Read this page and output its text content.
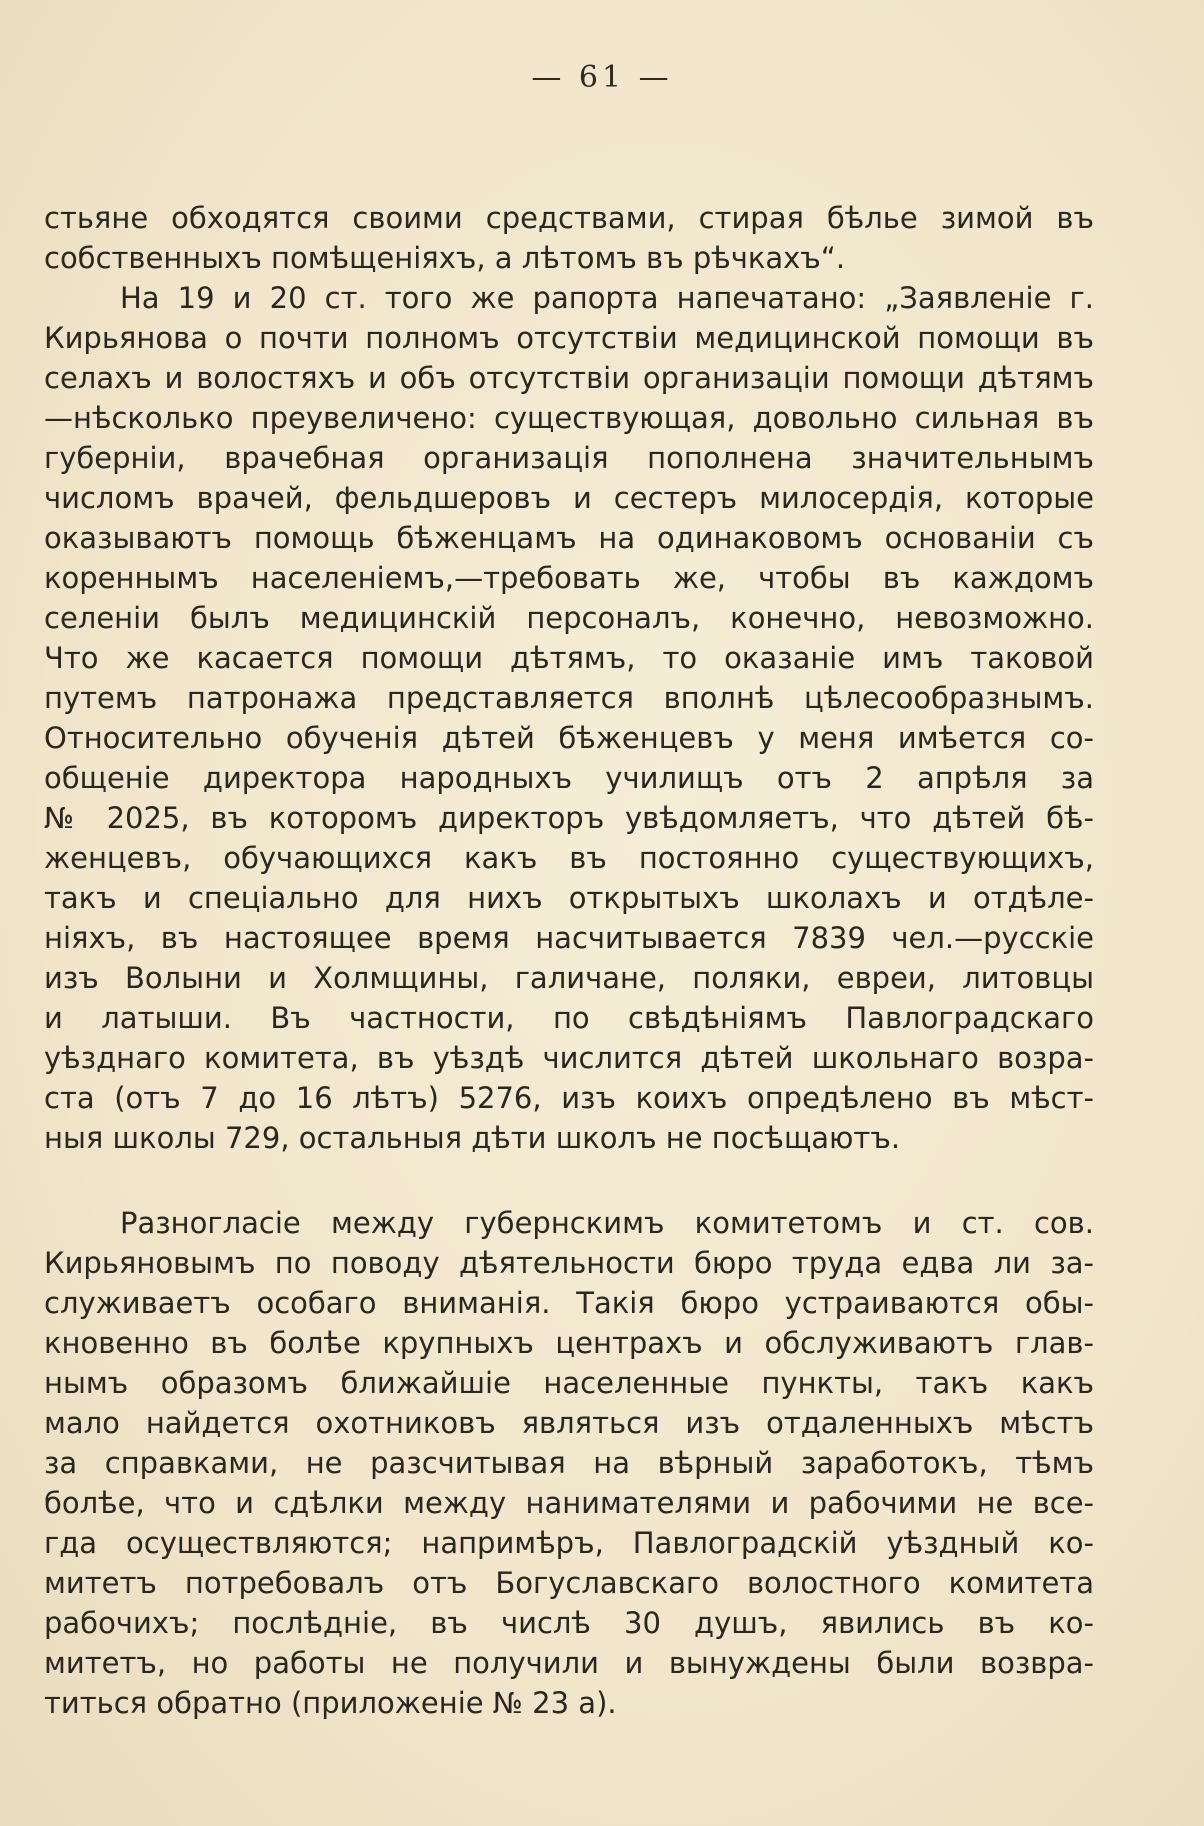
— 61 —
стьяне обходятся своими средствами, стирая бѣлье зимой въ
собственныхъ помѣщеніяхъ, а лѣтомъ въ рѣчкахъ“.
На 19 и 20 ст. того же рапорта напечатано: „Заявленіе г.
Кирьянова о почти полномъ отсутствіи медицинской помощи въ
селахъ и волостяхъ и объ отсутствіи организаціи помощи дѣтямъ
—нѣсколько преувеличено: существующая, довольно сильная въ
губерніи, врачебная организація пополнена значительнымъ
числомъ врачей, фельдшеровъ и сестеръ милосердія, которые
оказываютъ помощь бѣженцамъ на одинаковомъ основаніи съ
кореннымъ населеніемъ,—требовать же, чтобы въ каждомъ
селеніи былъ медицинскій персоналъ, конечно, невозможно.
Что же касается помощи дѣтямъ, то оказаніе имъ таковой
путемъ патронажа представляется вполнѣ цѣлесообразнымъ.
Относительно обученія дѣтей бѣженцевъ у меня имѣется со-
общеніе директора народныхъ училищъ отъ 2 апрѣля за
№ 2025, въ которомъ директоръ увѣдомляетъ, что дѣтей бѣ-
женцевъ, обучающихся какъ въ постоянно существующихъ,
такъ и спеціально для нихъ открытыхъ школахъ и отдѣле-
ніяхъ, въ настоящее время насчитывается 7839 чел.—русскіе
изъ Волыни и Холмщины, галичане, поляки, евреи, литовцы
и латыши. Въ частности, по свѣдѣніямъ Павлоградскаго
уѣзднаго комитета, въ уѣздѣ числится дѣтей школьнаго возра-
ста (отъ 7 до 16 лѣтъ) 5276, изъ коихъ опредѣлено въ мѣст-
ныя школы 729, остальныя дѣти школъ не посѣщаютъ.
Разногласіе между губернскимъ комитетомъ и ст. сов.
Кирьяновымъ по поводу дѣятельности бюро труда едва ли за-
служиваетъ особаго вниманія. Такія бюро устраиваются обы-
кновенно въ болѣе крупныхъ центрахъ и обслуживаютъ глав-
нымъ образомъ ближайшіе населенные пункты, такъ какъ
мало найдется охотниковъ являться изъ отдаленныхъ мѣстъ
за справками, не разсчитывая на вѣрный заработокъ, тѣмъ
болѣе, что и сдѣлки между нанимателями и рабочими не все-
гда осуществляются; напримѣръ, Павлоградскій уѣздный ко-
митетъ потребовалъ отъ Богуславскаго волостного комитета
рабочихъ; послѣдніе, въ числѣ 30 душъ, явились въ ко-
митетъ, но работы не получили и вынуждены были возвра-
титься обратно (приложеніе № 23 а).
